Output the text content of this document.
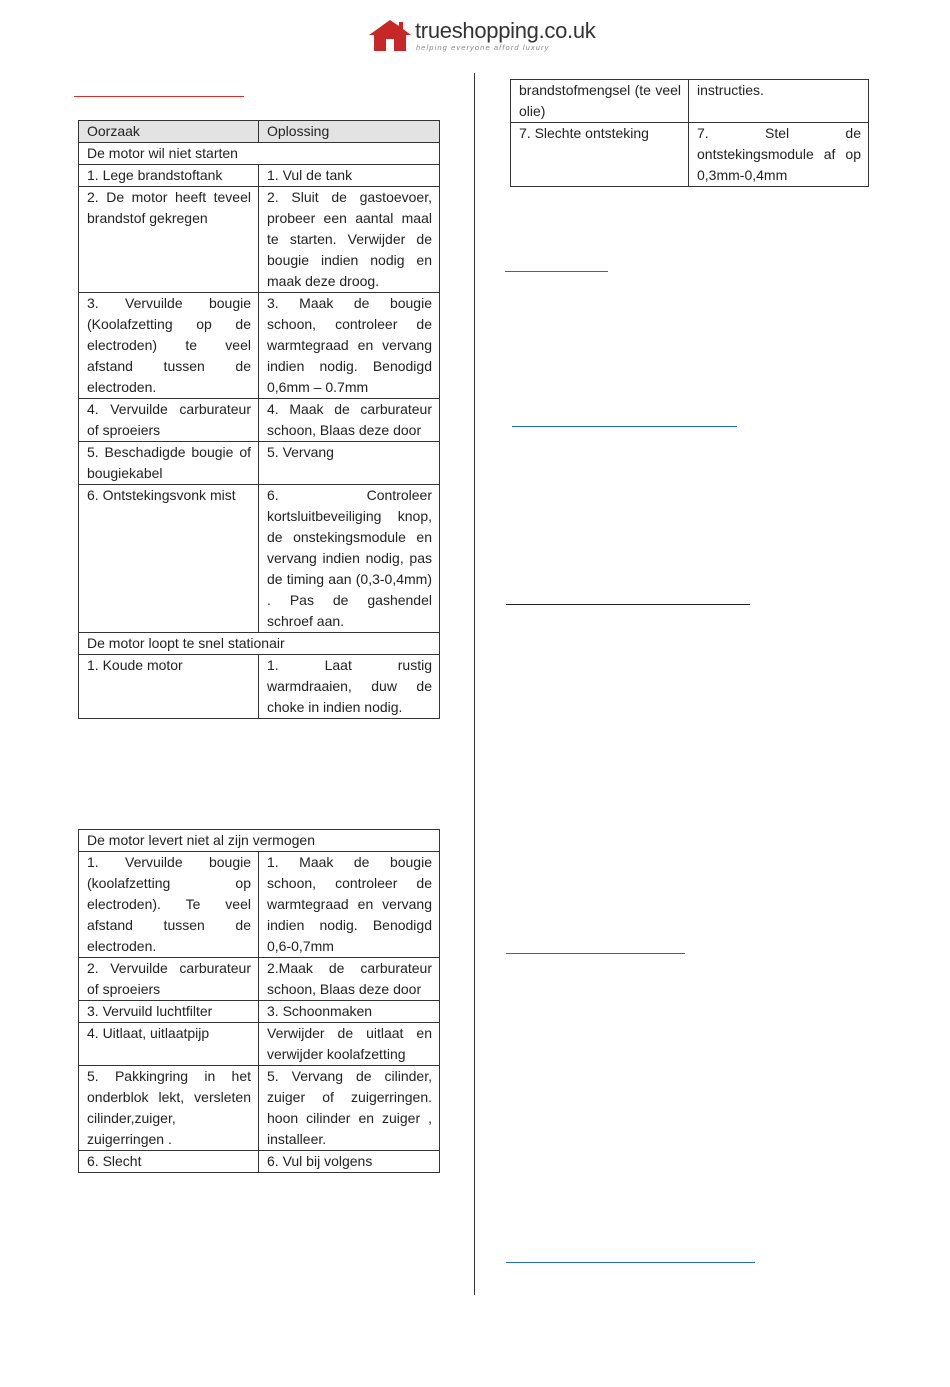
trueshopping.co.uk
helping everyone afford luxury
Oorzaak	Oplossing
De motor wil niet starten	
1. Lege brandstoftank	1. Vul de tank
2. De motor heeft teveel brandstof gekregen	2. Sluit de gastoevoer, probeer een aantal maal te starten. Verwijder de bougie indien nodig en maak deze droog.
3. Vervuilde bougie (Koolafzetting op de electroden) te veel afstand tussen de electroden.	3. Maak de bougie schoon, controleer de warmtegraad en vervang indien nodig. Benodigd 0,6mm – 0.7mm
4. Vervuilde carburateur of sproeiers	4. Maak de carburateur schoon, Blaas deze door
5. Beschadigde bougie of bougiekabel	5. Vervang
6. Ontstekingsvonk mist	6. Controleer kortsluitbeveiliging knop, de onstekingsmodule en vervang indien nodig, pas de timing aan (0,3-0,4mm) . Pas de gashendel schroef aan.
De motor loopt te snel stationair	
1. Koude motor	1. Laat rustig warmdraaien, duw de choke in indien nodig.
De motor levert niet al zijn vermogen	
1. Vervuilde bougie (koolafzetting op electroden). Te veel afstand tussen de electroden.	1. Maak de bougie schoon, controleer de warmtegraad en vervang indien nodig. Benodigd 0,6-0,7mm
2. Vervuilde carburateur of sproeiers	2.Maak de carburateur schoon, Blaas deze door
3. Vervuild luchtfilter	3. Schoonmaken
4. Uitlaat, uitlaatpijp	Verwijder de uitlaat en verwijder koolafzetting
5. Pakkingring in het onderblok lekt, versleten cilinder,zuiger, zuigerringen .	5. Vervang de cilinder, zuiger of zuigerringen. hoon cilinder en zuiger , installeer.
6. Slecht	6. Vul bij volgens
brandstofmengsel (te veel olie)	instructies.
7. Slechte ontsteking	7. Stel de ontstekingsmodule af op 0,3mm-0,4mm
